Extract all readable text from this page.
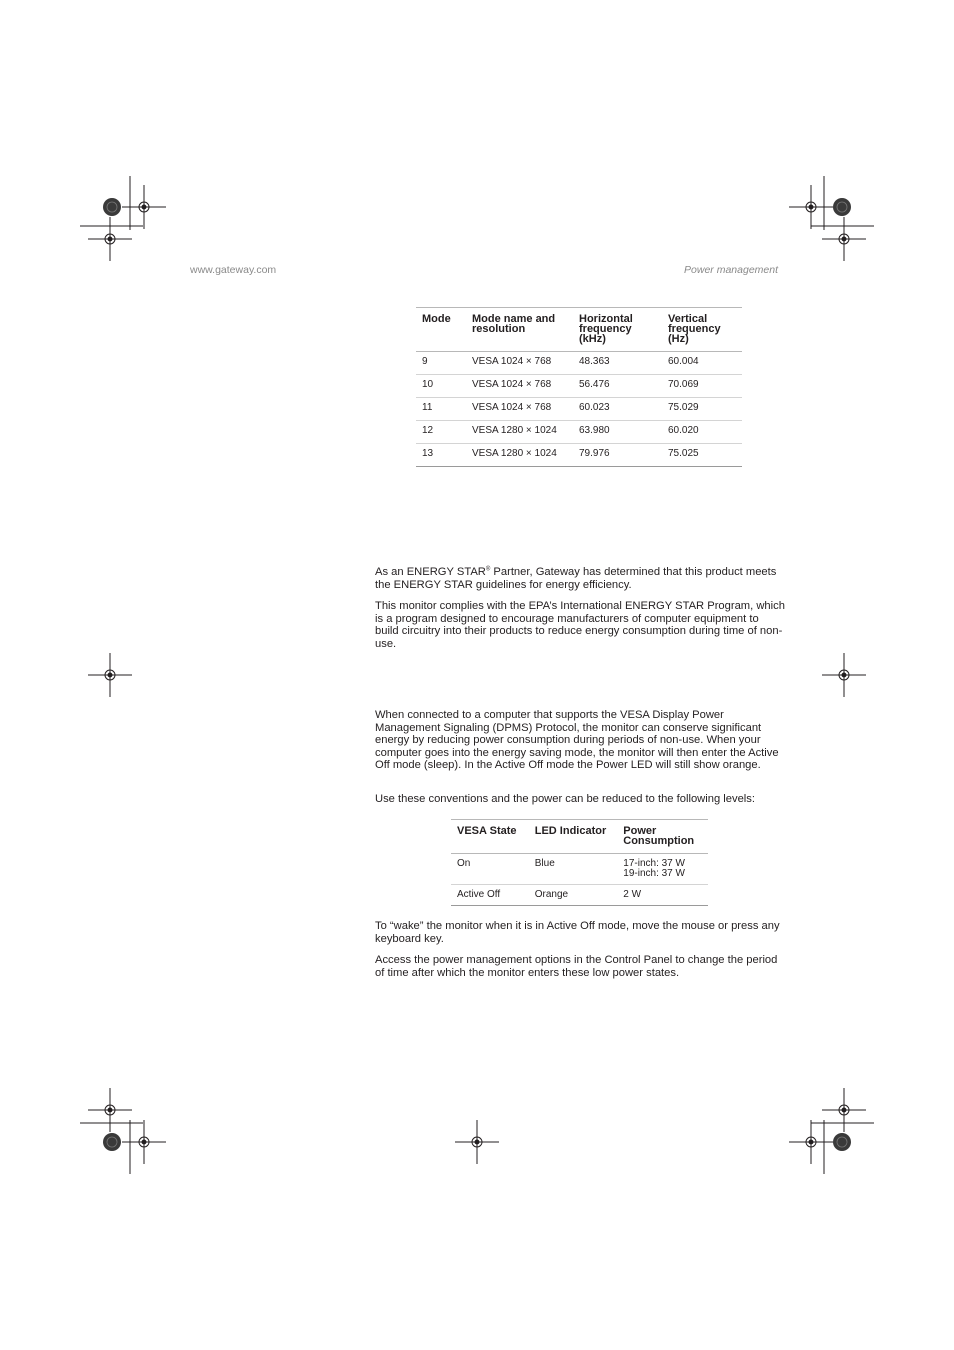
www.gateway.com	Power management
Mode	Mode name and resolution	Horizontal frequency (kHz)	Vertical frequency (Hz)
9	VESA 1024 × 768	48.363	60.004
10	VESA 1024 × 768	56.476	70.069
11	VESA 1024 × 768	60.023	75.029
12	VESA 1280 × 1024	63.980	60.020
13	VESA 1280 × 1024	79.976	75.025

As an ENERGY STAR® Partner, Gateway has determined that this product meets the ENERGY STAR guidelines for energy efficiency.

This monitor complies with the EPA’s International ENERGY STAR Program, which is a program designed to encourage manufacturers of computer equipment to build circuitry into their products to reduce energy consumption during time of non-use.

When connected to a computer that supports the VESA Display Power Management Signaling (DPMS) Protocol, the monitor can conserve significant energy by reducing power consumption during periods of non-use. When your computer goes into the energy saving mode, the monitor will then enter the Active Off mode (sleep). In the Active Off mode the Power LED will still show orange.

Use these conventions and the power can be reduced to the following levels:

VESA State	LED Indicator	Power Consumption
On	Blue	17-inch: 37 W
19-inch: 37 W

Active Off	Orange	2 W

To “wake” the monitor when it is in Active Off mode, move the mouse or press any keyboard key.

Access the power management options in the Control Panel to change the period of time after which the monitor enters these low power states.
